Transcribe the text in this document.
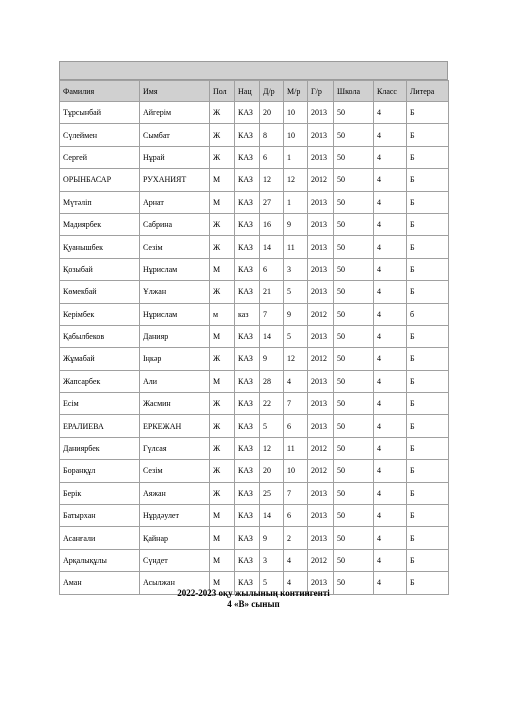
Фамилия	Имя	Пол	Нац	Д/р	М/р	Г/р	Школа	Класс	Литера
Тұрсынбай	Айгерім	Ж	КАЗ	20	10	2013	50	4	Б
Сүлеймен	Сымбат	Ж	КАЗ	8	10	2013	50	4	Б
Сергей	Нұрай	Ж	КАЗ	6	1	2013	50	4	Б
ОРЫНБАСАР	РУХАНИЯТ	М	КАЗ	12	12	2012	50	4	Б
Мүтәліп	Арнат	М	КАЗ	27	1	2013	50	4	Б
Мадиярбек	Сабрина	Ж	КАЗ	16	9	2013	50	4	Б
Қуанышбек	Сезім	Ж	КАЗ	14	11	2013	50	4	Б
Қозыбай	Нұрислам	М	КАЗ	6	3	2013	50	4	Б
Көмекбай	Ұлжан	Ж	КАЗ	21	5	2013	50	4	Б
Керімбек	Нұрислам	м	каз	7	9	2012	50	4	б
Қабылбеков	Данияр	М	КАЗ	14	5	2013	50	4	Б
Жұмабай	Іңкәр	Ж	КАЗ	9	12	2012	50	4	Б
Жапсарбек	Али	М	КАЗ	28	4	2013	50	4	Б
Есім	Жасмин	Ж	КАЗ	22	7	2013	50	4	Б
ЕРАЛИЕВА	ЕРКЕЖАН	Ж	КАЗ	5	6	2013	50	4	Б
Даниярбек	Гүлсая	Ж	КАЗ	12	11	2012	50	4	Б
Боранқұл	Сезім	Ж	КАЗ	20	10	2012	50	4	Б
Берік	Аяжан	Ж	КАЗ	25	7	2013	50	4	Б
Батырхан	Нұрдәулет	М	КАЗ	14	6	2013	50	4	Б
Асанғали	Қайнар	М	КАЗ	9	2	2013	50	4	Б
Арқалықұлы	Сүндет	М	КАЗ	3	4	2012	50	4	Б
Аман	Асылжан	М	КАЗ	5	4	2013	50	4	Б
2022-2023 оқу жылының контингенті
4 «В» сынып
